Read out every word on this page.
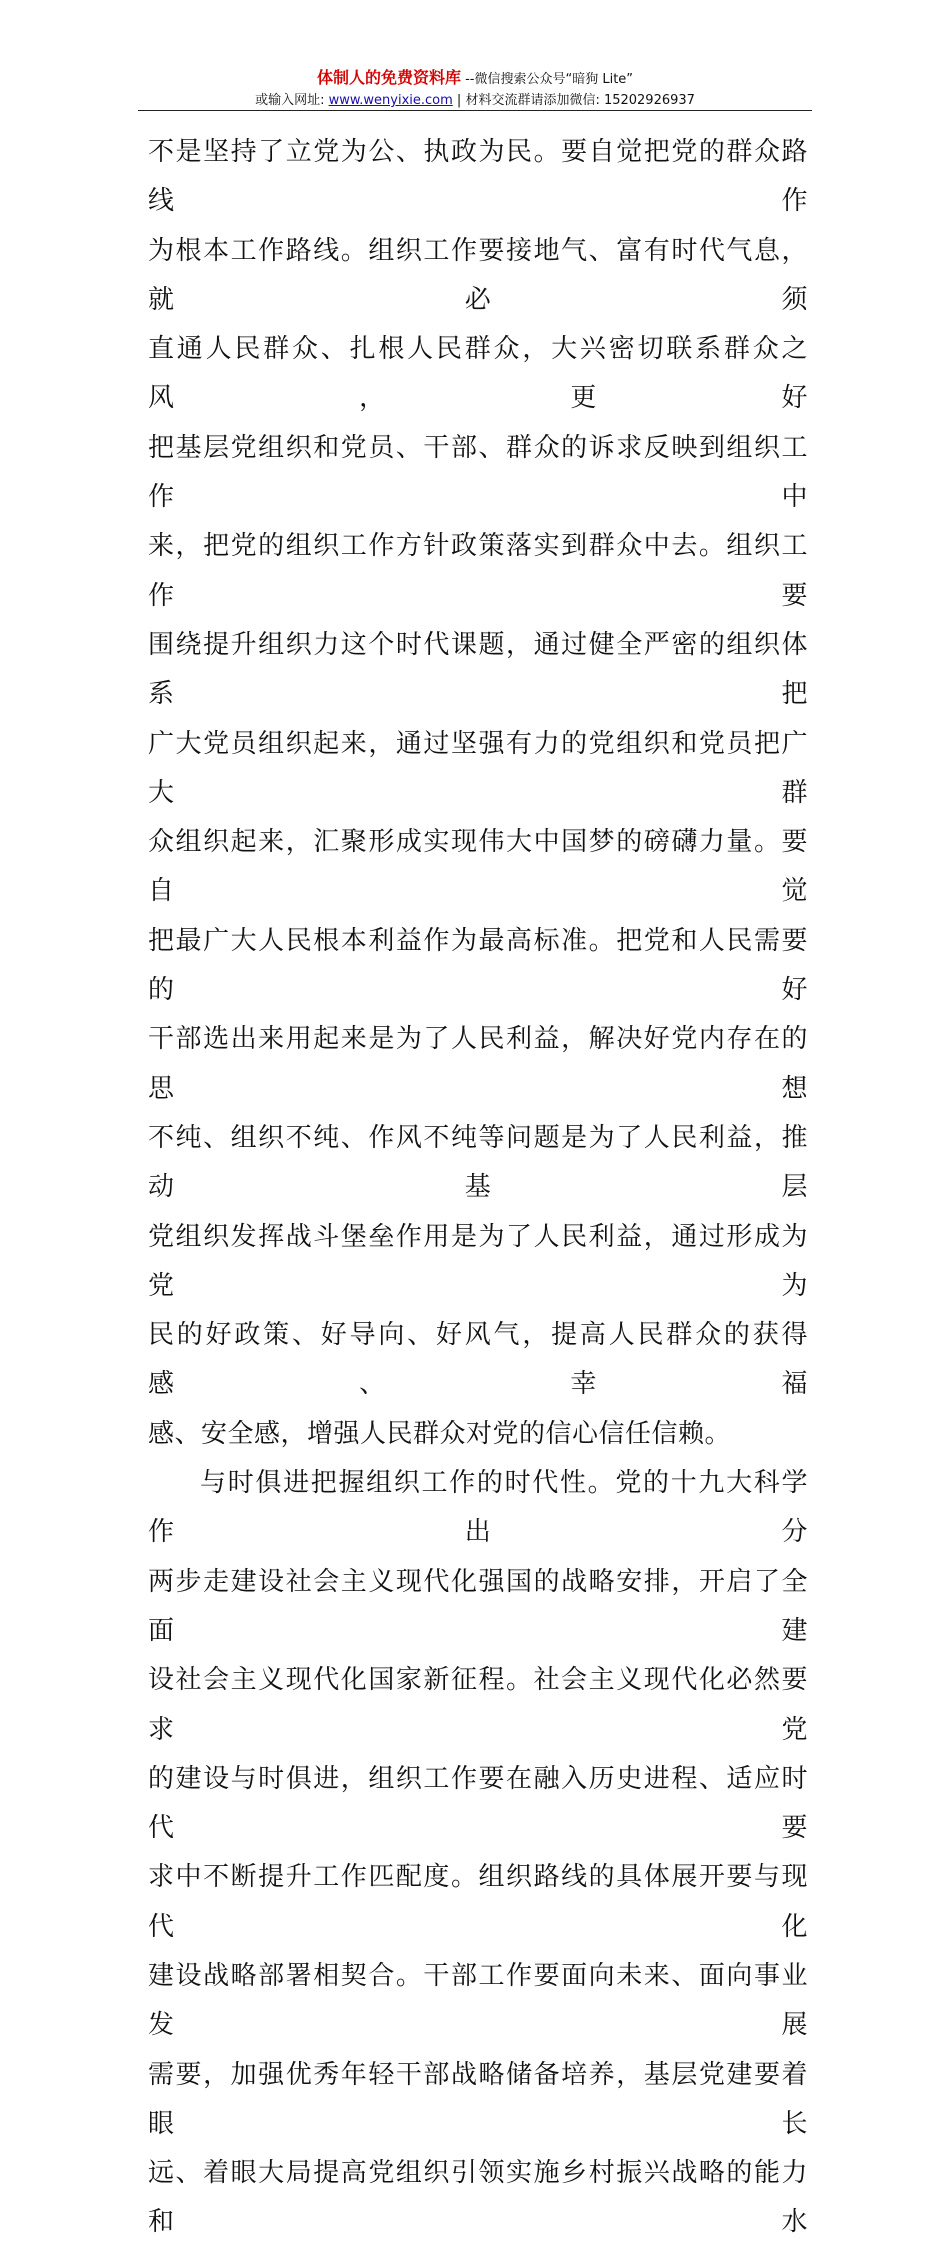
体制人的免费资料库 --微信搜索公众号“暗狗 Lite”
或输入网址: www.wenyixie.com | 材料交流群请添加微信: 15202926937

不是坚持了立党为公、执政为民。要自觉把党的群众路线作

为根本工作路线。组织工作要接地气、富有时代气息，就必须

直通人民群众、扎根人民群众，大兴密切联系群众之风，更好

把基层党组织和党员、干部、群众的诉求反映到组织工作中

来，把党的组织工作方针政策落实到群众中去。组织工作要

围绕提升组织力这个时代课题，通过健全严密的组织体系把

广大党员组织起来，通过坚强有力的党组织和党员把广大群

众组织起来，汇聚形成实现伟大中国梦的磅礴力量。要自觉

把最广大人民根本利益作为最高标准。把党和人民需要的好

干部选出来用起来是为了人民利益，解决好党内存在的思想

不纯、组织不纯、作风不纯等问题是为了人民利益，推动基层

党组织发挥战斗堡垒作用是为了人民利益，通过形成为党为

民的好政策、好导向、好风气，提高人民群众的获得感、幸福

感、安全感，增强人民群众对党的信心信任信赖。

与时俱进把握组织工作的时代性。党的十九大科学作出分

两步走建设社会主义现代化强国的战略安排，开启了全面建

设社会主义现代化国家新征程。社会主义现代化必然要求党

的建设与时俱进，组织工作要在融入历史进程、适应时代要

求中不断提升工作匹配度。组织路线的具体展开要与现代化

建设战略部署相契合。干部工作要面向未来、面向事业发展

需要，加强优秀年轻干部战略储备培养，基层党建要着眼长

远、着眼大局提高党组织引领实施乡村振兴战略的能力和水
